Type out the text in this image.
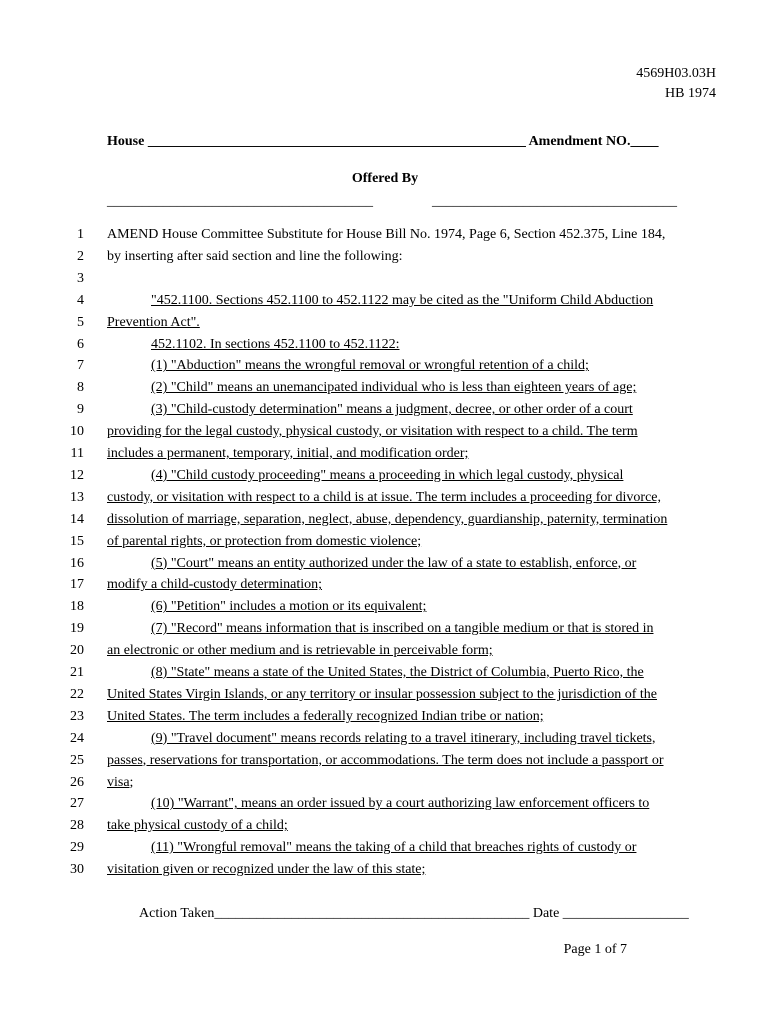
4569H03.03H
HB 1974
House ______________________________________________________ Amendment NO.____
Offered By
______________________________________	___________________________________
1 AMEND House Committee Substitute for House Bill No. 1974, Page 6, Section 452.375, Line 184,
2 by inserting after said section and line the following:
3
4	"452.1100. Sections 452.1100 to 452.1122 may be cited as the "Uniform Child Abduction
5 Prevention Act".
6	452.1102. In sections 452.1100 to 452.1122:
7	(1) "Abduction" means the wrongful removal or wrongful retention of a child;
8	(2) "Child" means an unemancipated individual who is less than eighteen years of age;
9	(3) "Child-custody determination" means a judgment, decree, or other order of a court
10 providing for the legal custody, physical custody, or visitation with respect to a child. The term
11 includes a permanent, temporary, initial, and modification order;
12	(4) "Child custody proceeding" means a proceeding in which legal custody, physical
13 custody, or visitation with respect to a child is at issue. The term includes a proceeding for divorce,
14 dissolution of marriage, separation, neglect, abuse, dependency, guardianship, paternity, termination
15 of parental rights, or protection from domestic violence;
16	(5) "Court" means an entity authorized under the law of a state to establish, enforce, or
17 modify a child-custody determination;
18	(6) "Petition" includes a motion or its equivalent;
19	(7) "Record" means information that is inscribed on a tangible medium or that is stored in
20 an electronic or other medium and is retrievable in perceivable form;
21	(8) "State" means a state of the United States, the District of Columbia, Puerto Rico, the
22 United States Virgin Islands, or any territory or insular possession subject to the jurisdiction of the
23 United States. The term includes a federally recognized Indian tribe or nation;
24	(9) "Travel document" means records relating to a travel itinerary, including travel tickets,
25 passes, reservations for transportation, or accommodations. The term does not include a passport or
26 visa;
27	(10) "Warrant", means an order issued by a court authorizing law enforcement officers to
28 take physical custody of a child;
29	(11) "Wrongful removal" means the taking of a child that breaches rights of custody or
30 visitation given or recognized under the law of this state;
Action Taken_____________________________________________ Date __________________
Page 1 of 7
